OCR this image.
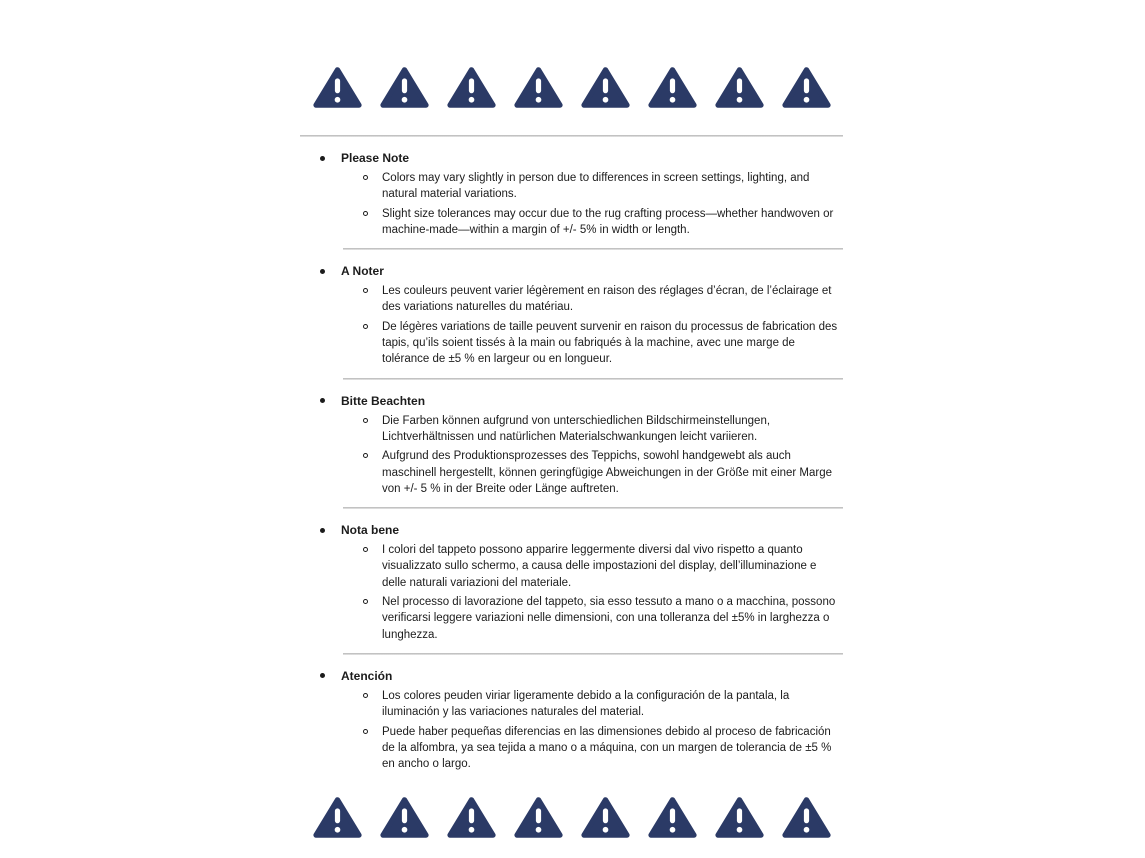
Please Note
Colors may vary slightly in person due to differences in screen settings, lighting, and natural material variations.
Slight size tolerances may occur due to the rug crafting process—whether handwoven or machine-made—within a margin of +/- 5% in width or length.
A Noter
Les couleurs peuvent varier légèrement en raison des réglages d’écran, de l’éclairage et des variations naturelles du matériau.
De légères variations de taille peuvent survenir en raison du processus de fabrication des tapis, qu’ils soient tissés à la main ou fabriqués à la machine, avec une marge de tolérance de ±5 % en largeur ou en longueur.
Bitte Beachten
Die Farben können aufgrund von unterschiedlichen Bildschirmeinstellungen, Lichtverhältnissen und natürlichen Materialschwankungen leicht variieren.
Aufgrund des Produktionsprozesses des Teppichs, sowohl handgewebt als auch maschinell hergestellt, können geringfügige Abweichungen in der Größe mit einer Marge von +/- 5 % in der Breite oder Länge auftreten.
Nota bene
I colori del tappeto possono apparire leggermente diversi dal vivo rispetto a quanto visualizzato sullo schermo, a causa delle impostazioni del display, dell’illuminazione e delle naturali variazioni del materiale.
Nel processo di lavorazione del tappeto, sia esso tessuto a mano o a macchina, possono verificarsi leggere variazioni nelle dimensioni, con una tolleranza del ±5% in larghezza o lunghezza.
Atención
Los colores peuden viriar ligeramente debido a la configuración de la pantala, la iluminación y las variaciones naturales del material.
Puede haber pequeñas diferencias en las dimensiones debido al proceso de fabricación de la alfombra, ya sea tejida a mano o a máquina, con un margen de tolerancia de ±5 % en ancho o largo.
